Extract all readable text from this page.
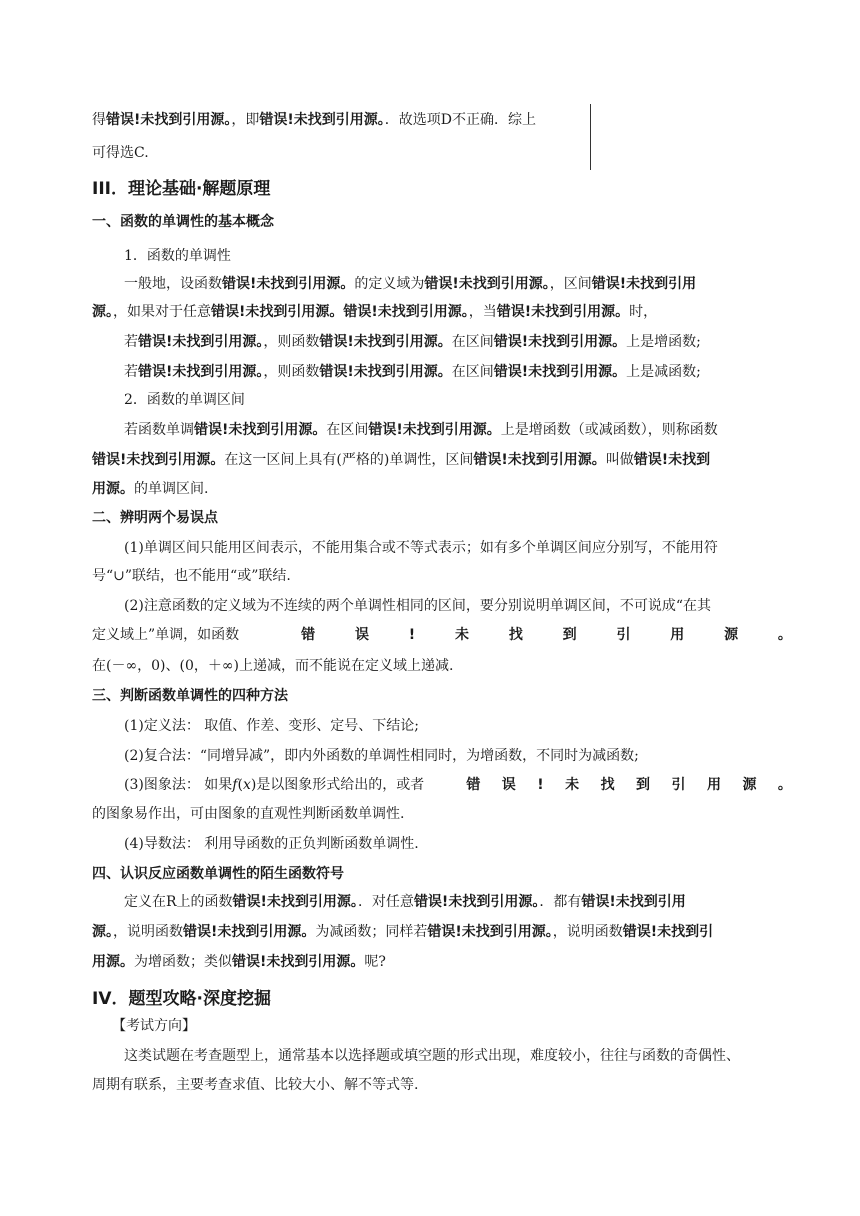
得错误!未找到引用源。，即错误!未找到引用源。．故选项D不正确．综上
可得选C.
III．理论基础·解题原理
一、函数的单调性的基本概念
1．函数的单调性
一般地，设函数错误!未找到引用源。的定义域为错误!未找到引用源。，区间错误!未找到引用
源。，如果对于任意错误!未找到引用源。错误!未找到引用源。，当错误!未找到引用源。时，
若错误!未找到引用源。，则函数错误!未找到引用源。在区间错误!未找到引用源。上是增函数;
若错误!未找到引用源。，则函数错误!未找到引用源。在区间错误!未找到引用源。上是减函数;
2．函数的单调区间
若函数单调错误!未找到引用源。在区间错误!未找到引用源。上是增函数（或减函数），则称函数
错误!未找到引用源。在这一区间上具有(严格的)单调性，区间错误!未找到引用源。叫做错误!未找到
用源。的单调区间.
二、辨明两个易误点
(1)单调区间只能用区间表示，不能用集合或不等式表示；如有多个单调区间应分别写，不能用符
号“∪”联结，也不能用“或”联结.
(2)注意函数的定义域为不连续的两个单调性相同的区间，要分别说明单调区间，不可说成“在其
定义域上”单调，如函数	错	误	!	未	找	到	引	用	源	。
在(－∞，0)、(0，＋∞)上递减，而不能说在定义域上递减.
三、判断函数单调性的四种方法
(1)定义法： 取值、作差、变形、定号、下结论;
(2)复合法：“同增异减”，即内外函数的单调性相同时，为增函数，不同时为减函数;
(3)图象法： 如果 f ( x ) 是以图象形式给出的，或者	错 误 ! 未 找 到 引 用 源 。
的图象易作出，可由图象的直观性判断函数单调性.
(4)导数法： 利用导函数的正负判断函数单调性.
四、认识反应函数单调性的陌生函数符号
定义在R上的函数错误!未找到引用源。．对任意错误!未找到引用源。．都有错误!未找到引用
源。，说明函数错误!未找到引用源。为减函数；同样若错误!未找到引用源。，说明函数错误!未找到引
用源。为增函数；类似错误!未找到引用源。呢?
IV．题型攻略·深度挖掘
【考试方向】
这类试题在考查题型上，通常基本以选择题或填空题的形式出现，难度较小，往往与函数的奇偶性、
周期有联系，主要考查求值、比较大小、解不等式等.
